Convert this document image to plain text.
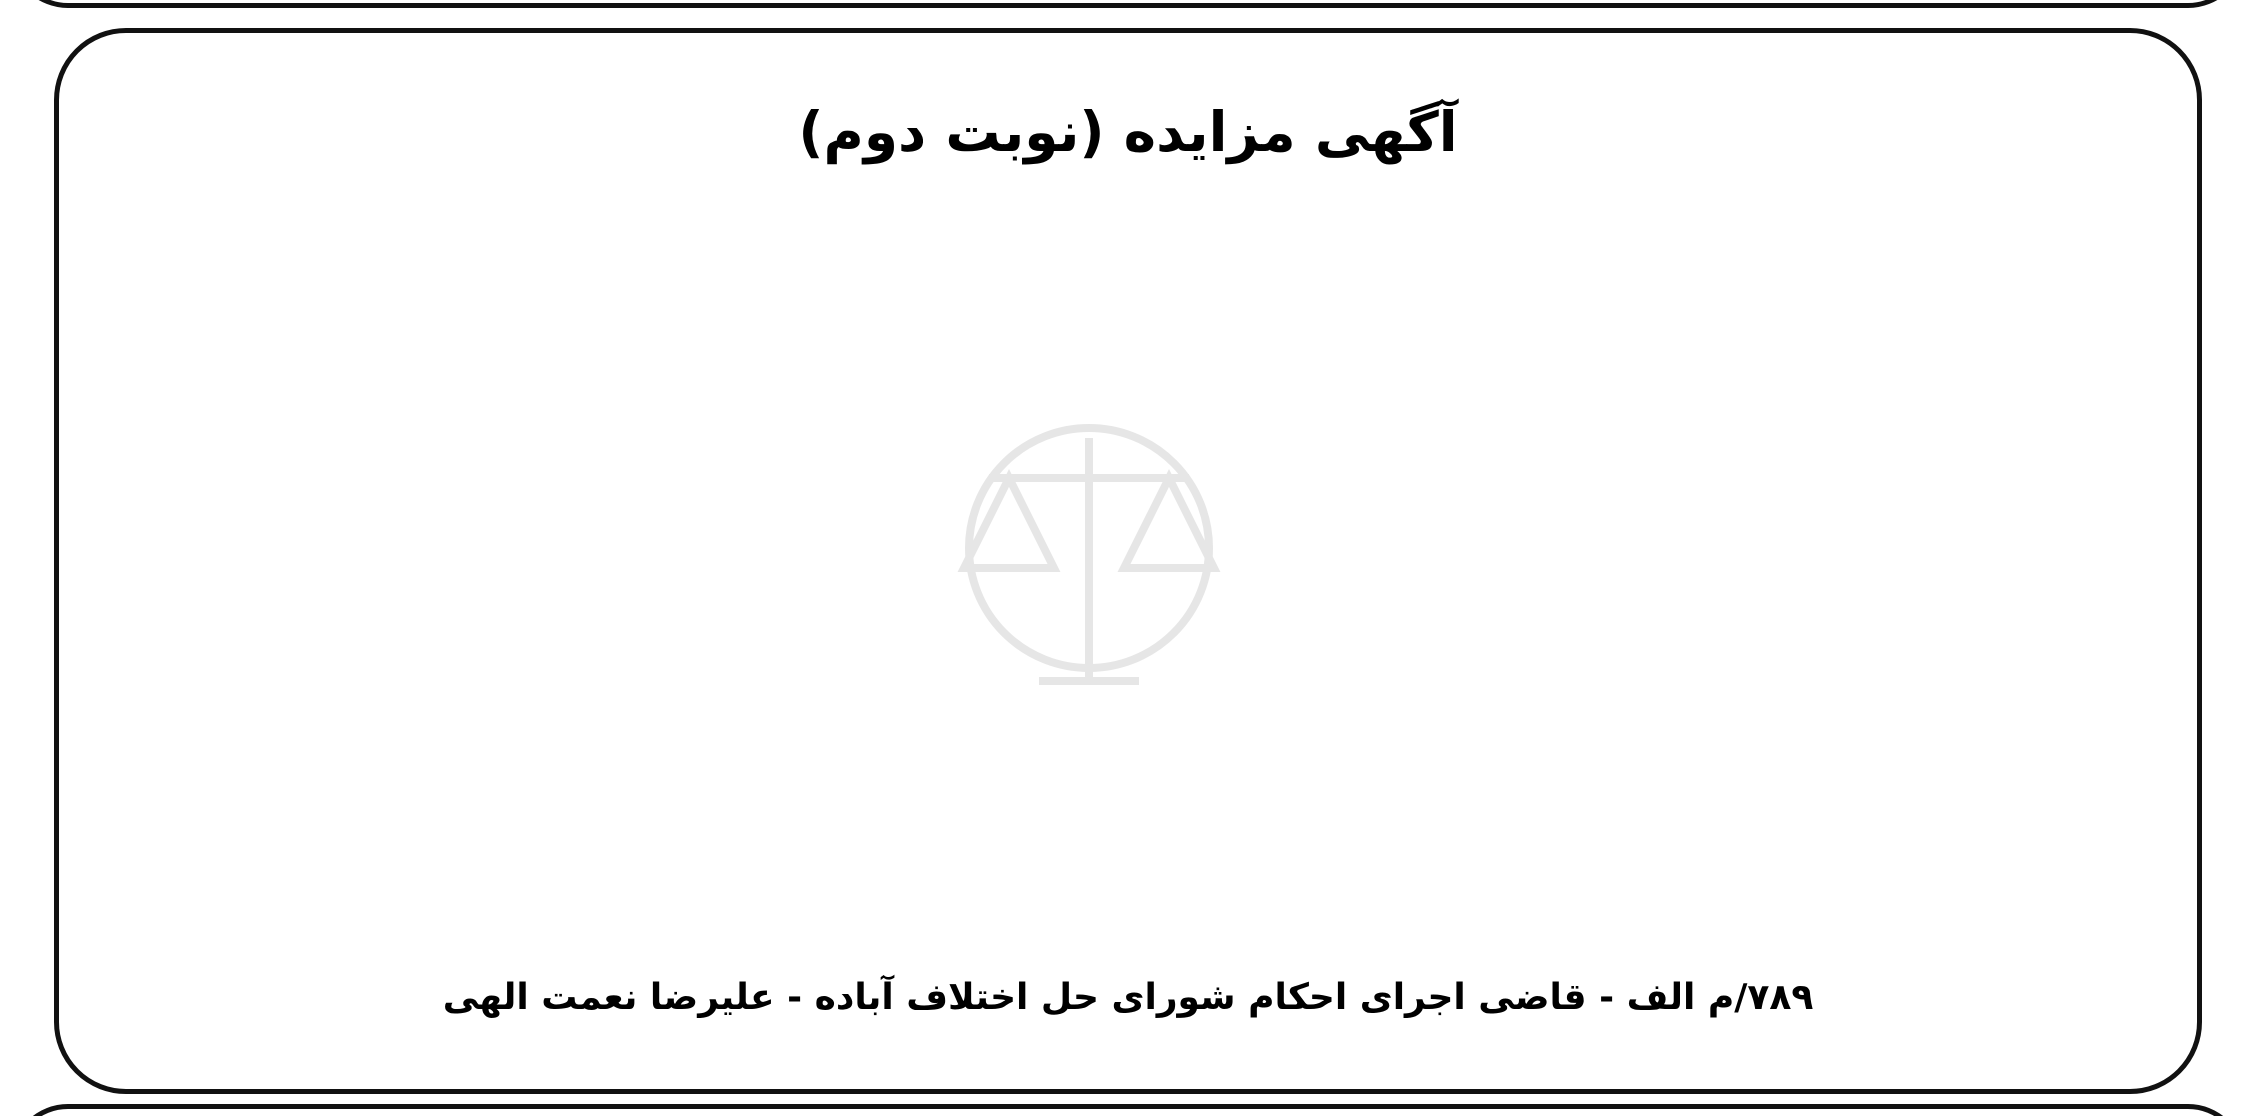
آگهی مزایده (نوبت دوم)
۷۸۹/م الف - قاضی اجرای احکام شورای حل اختلاف آباده - علیرضا نعمت الهی
